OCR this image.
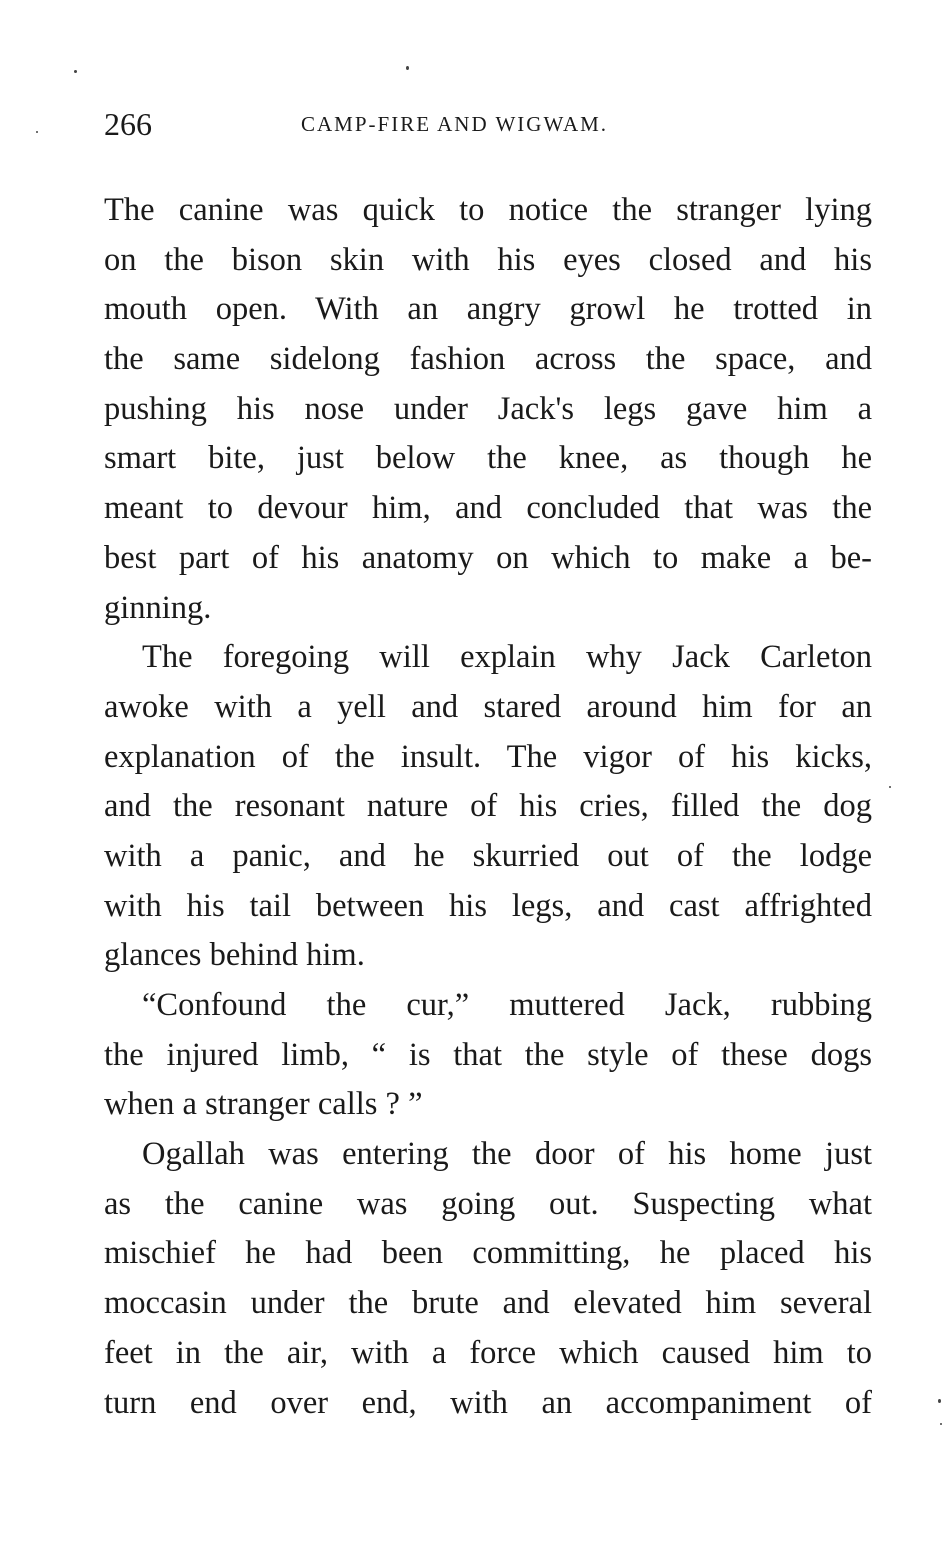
266	CAMP-FIRE AND WIGWAM.

The canine was quick to notice the stranger lying
on the bison skin with his eyes closed and his
mouth open. With an angry growl he trotted in
the same sidelong fashion across the space, and
pushing his nose under Jack's legs gave him a
smart bite, just below the knee, as though he
meant to devour him, and concluded that was the
best part of his anatomy on which to make a be-
ginning.

The foregoing will explain why Jack Carleton
awoke with a yell and stared around him for an
explanation of the insult. The vigor of his kicks,
and the resonant nature of his cries, filled the dog
with a panic, and he skurried out of the lodge
with his tail between his legs, and cast affrighted
glances behind him.

“Confound the cur,” muttered Jack, rubbing
the injured limb, “ is that the style of these dogs
when a stranger calls ? ”

Ogallah was entering the door of his home just
as the canine was going out. Suspecting what
mischief he had been committing, he placed his
moccasin under the brute and elevated him several
feet in the air, with a force which caused him to
turn end over end, with an accompaniment of
